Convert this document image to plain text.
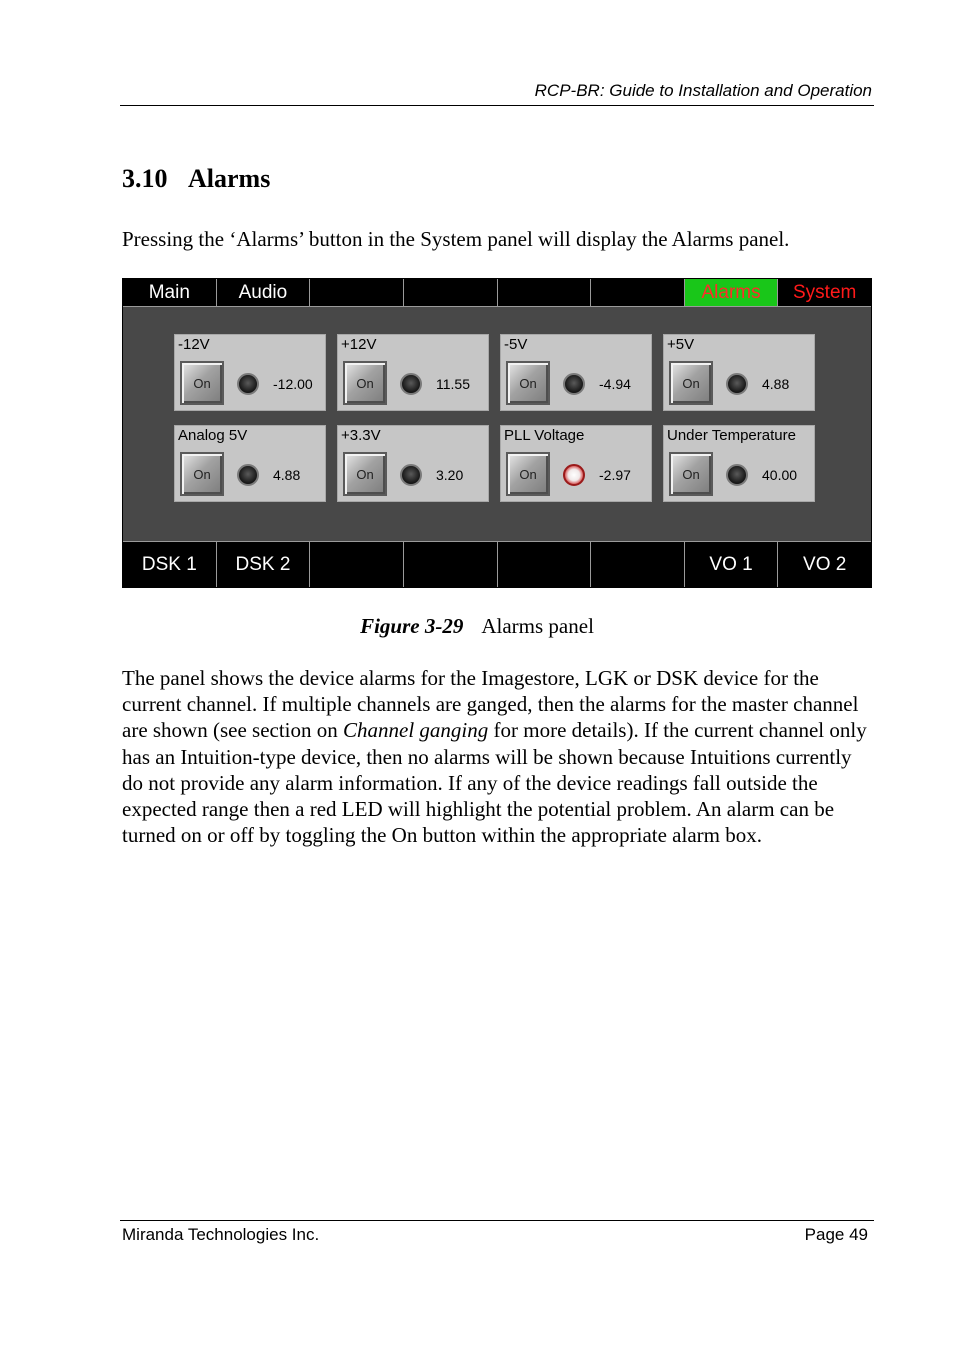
RCP-BR: Guide to Installation and Operation
3.10 Alarms

Pressing the ‘Alarms’ button in the System panel will display the Alarms panel.

Main	Audio	Alarms	System
-12V
On	-12.00
+12V
On	11.55
-5V
On	-4.94
+5V
On	4.88
Analog 5V
On	4.88
+3.3V
On	3.20
PLL Voltage
On	-2.97
Under Temperature
On	40.00
DSK 1	DSK 2	VO 1	VO 2

Figure 3-29 Alarms panel

The panel shows the device alarms for the Imagestore, LGK or DSK device for the current channel. If multiple channels are ganged, then the alarms for the master channel are shown (see section on Channel ganging for more details). If the current channel only has an Intuition-type device, then no alarms will be shown because Intuitions currently do not provide any alarm information. If any of the device readings fall outside the expected range then a red LED will highlight the potential problem. An alarm can be turned on or off by toggling the On button within the appropriate alarm box.

Miranda Technologies Inc.	Page 49
